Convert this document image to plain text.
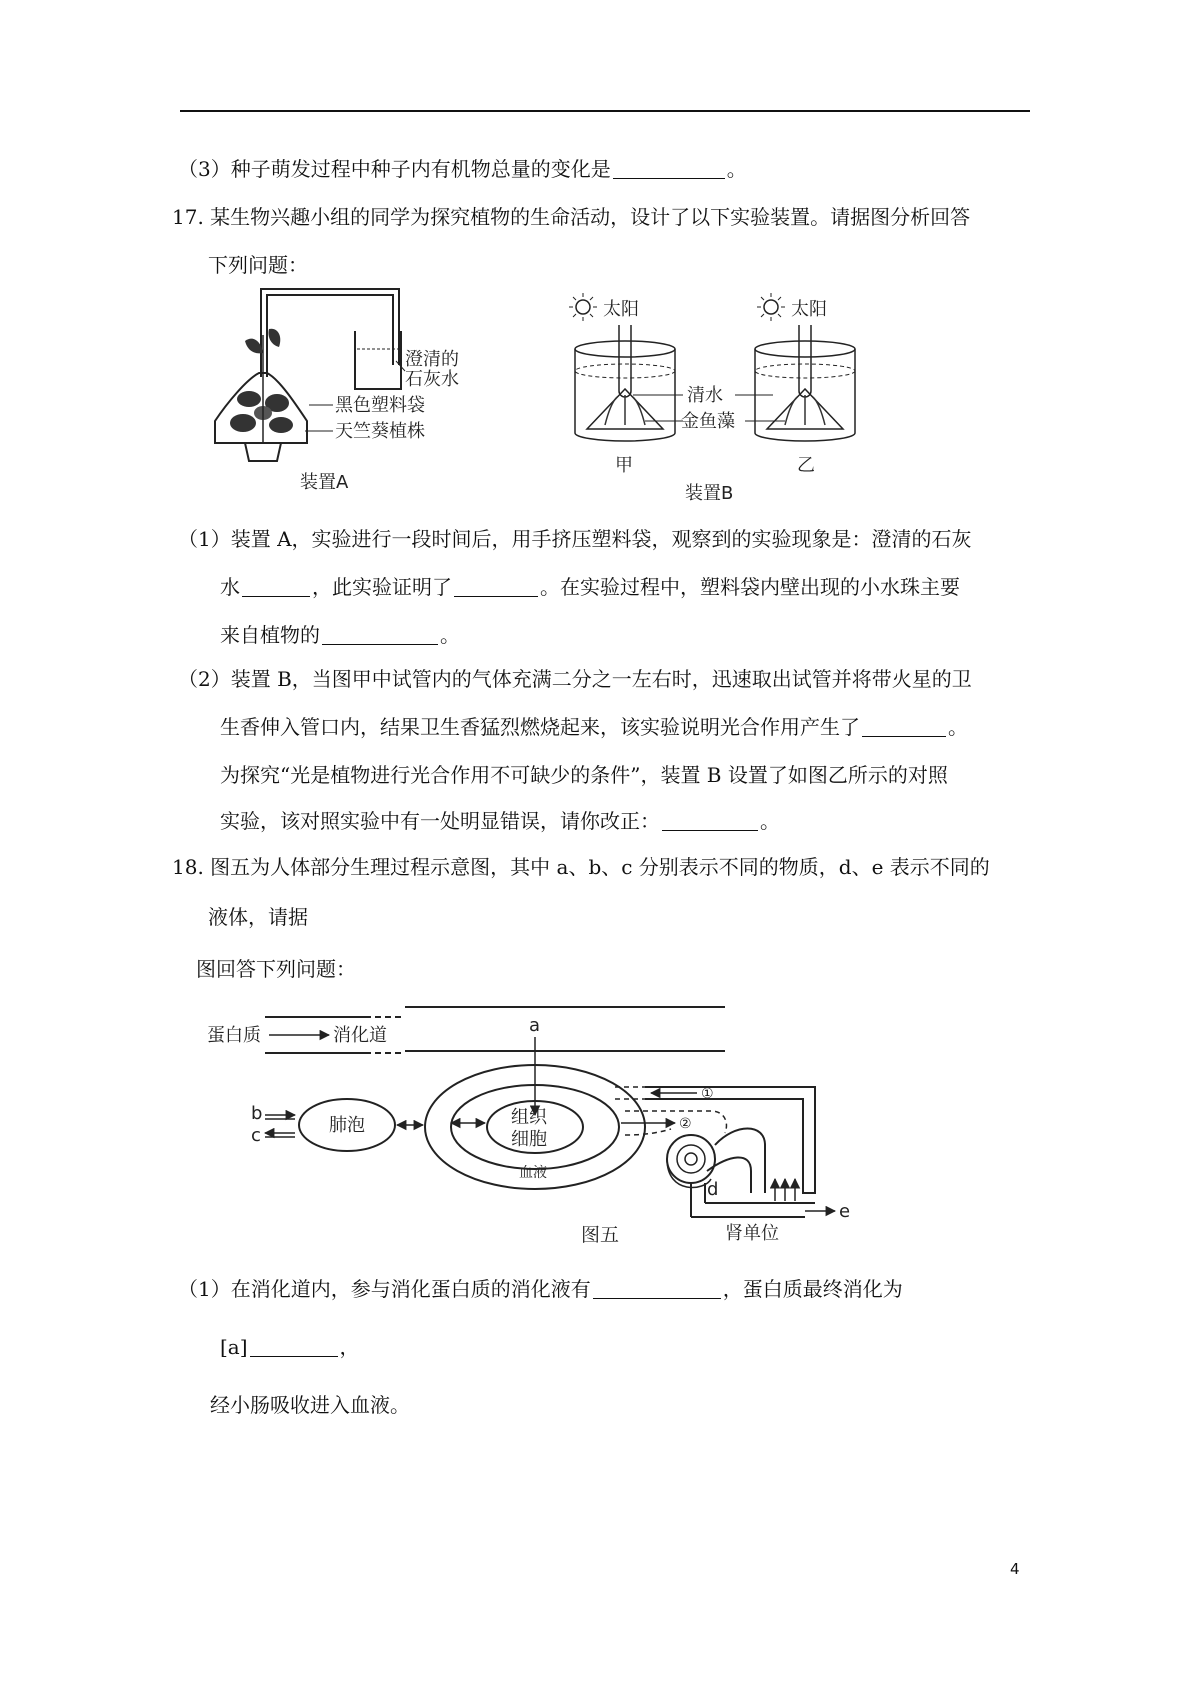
（3）种子萌发过程中种子内有机物总量的变化是	。
17. 某生物兴趣小组的同学为探究植物的生命活动，设计了以下实验装置。请据图分析回答
下列问题：
澄清的
石灰水
黑色塑料袋
天竺葵植株
装置A
太阳
甲
太阳
乙
清水
金鱼藻
装置B
（1）装置 A，实验进行一段时间后，用手挤压塑料袋，观察到的实验现象是：澄清的石灰
水	，此实验证明了	。在实验过程中，塑料袋内壁出现的小水珠主要
来自植物的	。
（2）装置 B，当图甲中试管内的气体充满二分之一左右时，迅速取出试管并将带火星的卫
生香伸入管口内，结果卫生香猛烈燃烧起来，该实验说明光合作用产生了	。
为探究“光是植物进行光合作用不可缺少的条件”，装置 B 设置了如图乙所示的对照
实验，该对照实验中有一处明显错误，请你改正：	。
18. 图五为人体部分生理过程示意图，其中 a、b、c 分别表示不同的物质，d、e 表示不同的
液体，请据
图回答下列问题：
蛋白质	消化道	a
组织
细胞
血液
肺泡
b
c
①
②
e
d
肾单位
图五
（1）在消化道内，参与消化蛋白质的消化液有	，蛋白质最终消化为
[a]	，
经小肠吸收进入血液。
4
